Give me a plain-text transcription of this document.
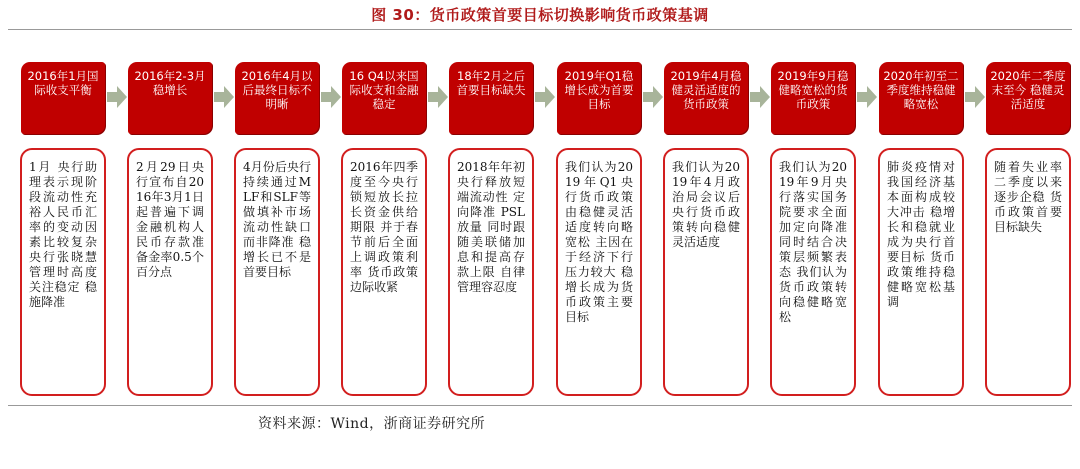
图 30：货币政策首要目标切换影响货币政策基调
2016年1月国际收支平衡
1月 央行助理表示现阶段流动性充裕人民币汇率的变动因素比较复杂 央行张晓慧管理时高度关注稳定 稳施降准
2016年2-3月稳增长
2月29日央行宣布自2016年3月1日起普遍下调金融机构人民币存款准备金率0.5个百分点
2016年4月以后最终日标不明晰
4月份后央行持续通过MLF和SLF等做填补市场流动性缺口 而非降准 稳增长已不是首要目标
16 Q4以来国际收支和金融稳定
2016年四季度至今央行锁短放长拉长资金供给期限 并于春节前后全面上调政策利率 货币政策边际收紧
18年2月之后首要目标缺失
2018年年初 央行释放短端流动性 定向降准 PSL放量 同时跟随美联储加息和提高存款上限 自律管理容忍度
2019年Q1稳增长成为首要目标
我们认为2019年Q1央行货币政策由稳健灵活适度转向略宽松 主因在于经济下行压力较大 稳增长成为货币政策主要目标
2019年4月稳健灵活适度的货币政策
我们认为2019年4月政治局会议后 央行货币政策转向稳健灵活适度
2019年9月稳健略宽松的货币政策
我们认为2019年9月央行落实国务院要求全面加定向降准 同时结合决策层频繁表态 我们认为货币政策转向稳健略宽松
2020年初至二季度维持稳健略宽松
肺炎疫情对我国经济基本面构成较大冲击 稳增长和稳就业成为央行首要目标 货币政策维持稳健略宽松基调
2020年二季度末至今 稳健灵活适度
随着失业率二季度以来逐步企稳 货币政策首要目标缺失
资料来源：Wind，浙商证券研究所
